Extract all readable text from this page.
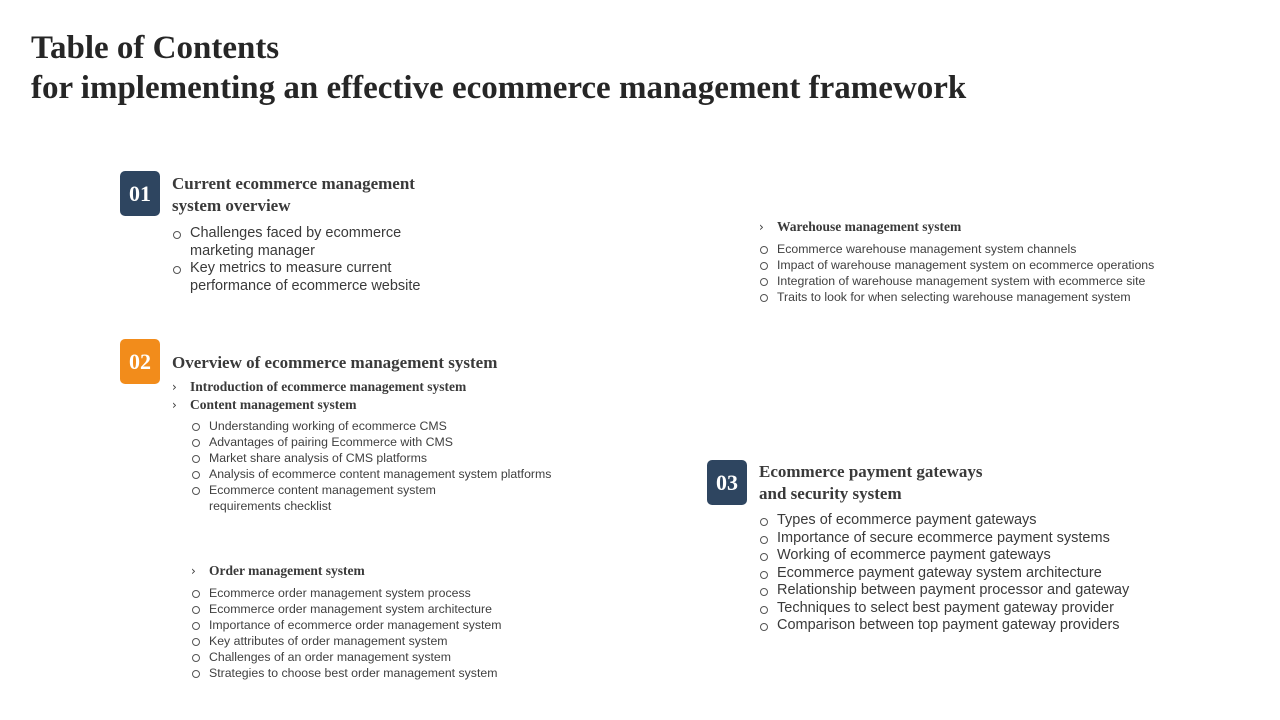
Table of Contents
for implementing an effective ecommerce management framework
01 Current ecommerce management
system overview
Challenges faced by ecommerce
marketing manager
Key metrics to measure current
performance of ecommerce website
02 Overview of ecommerce management system
› Introduction of ecommerce management system
› Content management system
Understanding working of ecommerce CMS
Advantages of pairing Ecommerce with CMS
Market share analysis of CMS platforms
Analysis of ecommerce content management system platforms
Ecommerce content management system
requirements checklist
› Order management system
Ecommerce order management system process
Ecommerce order management system architecture
Importance of ecommerce order management system
Key attributes of order management system
Challenges of an order management system
Strategies to choose best order management system
› Warehouse management system
Ecommerce warehouse management system channels
Impact of warehouse management system on ecommerce operations
Integration of warehouse management system with ecommerce site
Traits to look for when selecting warehouse management system
03 Ecommerce payment gateways
and security system
Types of ecommerce payment gateways
Importance of secure ecommerce payment systems
Working of ecommerce payment gateways
Ecommerce payment gateway system architecture
Relationship between payment processor and gateway
Techniques to select best payment gateway provider
Comparison between top payment gateway providers
